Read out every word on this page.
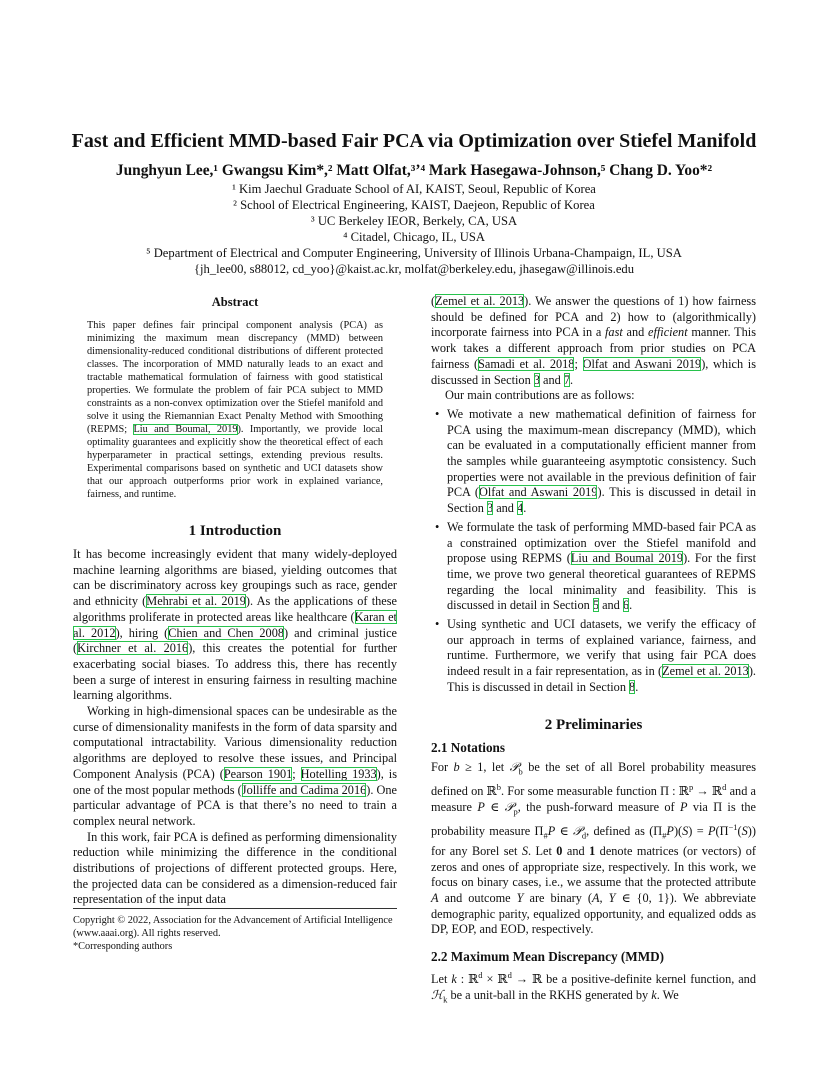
Fast and Efficient MMD-based Fair PCA via Optimization over Stiefel Manifold
Junghyun Lee,¹ Gwangsu Kim*,² Matt Olfat,³ʼ⁴ Mark Hasegawa-Johnson,⁵ Chang D. Yoo*²
¹ Kim Jaechul Graduate School of AI, KAIST, Seoul, Republic of Korea
² School of Electrical Engineering, KAIST, Daejeon, Republic of Korea
³ UC Berkeley IEOR, Berkely, CA, USA
⁴ Citadel, Chicago, IL, USA
⁵ Department of Electrical and Computer Engineering, University of Illinois Urbana-Champaign, IL, USA
{jh_lee00, s88012, cd_yoo}@kaist.ac.kr, molfat@berkeley.edu, jhasegaw@illinois.edu
Abstract
This paper defines fair principal component analysis (PCA) as minimizing the maximum mean discrepancy (MMD) between dimensionality-reduced conditional distributions of different protected classes. The incorporation of MMD naturally leads to an exact and tractable mathematical formulation of fairness with good statistical properties. We formulate the problem of fair PCA subject to MMD constraints as a non-convex optimization over the Stiefel manifold and solve it using the Riemannian Exact Penalty Method with Smoothing (REPMS; Liu and Boumal, 2019). Importantly, we provide local optimality guarantees and explicitly show the theoretical effect of each hyperparameter in practical settings, extending previous results. Experimental comparisons based on synthetic and UCI datasets show that our approach outperforms prior work in explained variance, fairness, and runtime.
1 Introduction

It has become increasingly evident that many widely-deployed machine learning algorithms are biased, yielding outcomes that can be discriminatory across key groupings such as race, gender and ethnicity (Mehrabi et al. 2019). As the applications of these algorithms proliferate in protected areas like healthcare (Karan et al. 2012), hiring (Chien and Chen 2008) and criminal justice (Kirchner et al. 2016), this creates the potential for further exacerbating social biases. To address this, there has recently been a surge of interest in ensuring fairness in resulting machine learning algorithms.

Working in high-dimensional spaces can be undesirable as the curse of dimensionality manifests in the form of data sparsity and computational intractability. Various dimensionality reduction algorithms are deployed to resolve these issues, and Principal Component Analysis (PCA) (Pearson 1901; Hotelling 1933), is one of the most popular methods (Jolliffe and Cadima 2016). One particular advantage of PCA is that there’s no need to train a complex neural network.

In this work, fair PCA is defined as performing dimensionality reduction while minimizing the difference in the conditional distributions of projections of different protected groups. Here, the projected data can be considered as a dimension-reduced fair representation of the input data

(Zemel et al. 2013). We answer the questions of 1) how fairness should be defined for PCA and 2) how to (algorithmically) incorporate fairness into PCA in a fast and efficient manner. This work takes a different approach from prior studies on PCA fairness (Samadi et al. 2018; Olfat and Aswani 2019), which is discussed in Section 3 and 7.

Our main contributions are as follows:

• We motivate a new mathematical definition of fairness for PCA using the maximum-mean discrepancy (MMD), which can be evaluated in a computationally efficient manner from the samples while guaranteeing asymptotic consistency. Such properties were not available in the previous definition of fair PCA (Olfat and Aswani 2019). This is discussed in detail in Section 3 and 4.
• We formulate the task of performing MMD-based fair PCA as a constrained optimization over the Stiefel manifold and propose using REPMS (Liu and Boumal 2019). For the first time, we prove two general theoretical guarantees of REPMS regarding the local minimality and feasibility. This is discussed in detail in Section 5 and 6.
• Using synthetic and UCI datasets, we verify the efficacy of our approach in terms of explained variance, fairness, and runtime. Furthermore, we verify that using fair PCA does indeed result in a fair representation, as in (Zemel et al. 2013). This is discussed in detail in Section 8.
2 Preliminaries
2.1 Notations

For b ≥ 1, let 𝒫$_b$ be the set of all Borel probability measures defined on ℝ$^b$. For some measurable function Π : ℝ$^p$ → ℝ$^d$ and a measure P ∈ 𝒫$_p$, the push-forward measure of P via Π is the probability measure $\Pi_{\#}P$ ∈ 𝒫$_d$, defined as $(\Pi_{\#}P)(S) = P(\Pi^{-1}(S))$ for any Borel set S. Let 0 and 1 denote matrices (or vectors) of zeros and ones of appropriate size, respectively. In this work, we focus on binary cases, i.e., we assume that the protected attribute A and outcome Y are binary (A, Y ∈ {0, 1}). We abbreviate demographic parity, equalized opportunity, and equalized odds as DP, EOP, and EOD, respectively.

2.2 Maximum Mean Discrepancy (MMD)

Let k : ℝ$^d$ × ℝ$^d$ → ℝ be a positive-definite kernel function, and ℋ$_k$ be a unit-ball in the RKHS generated by k. We

Copyright © 2022, Association for the Advancement of Artificial Intelligence (www.aaai.org). All rights reserved.
*Corresponding authors
